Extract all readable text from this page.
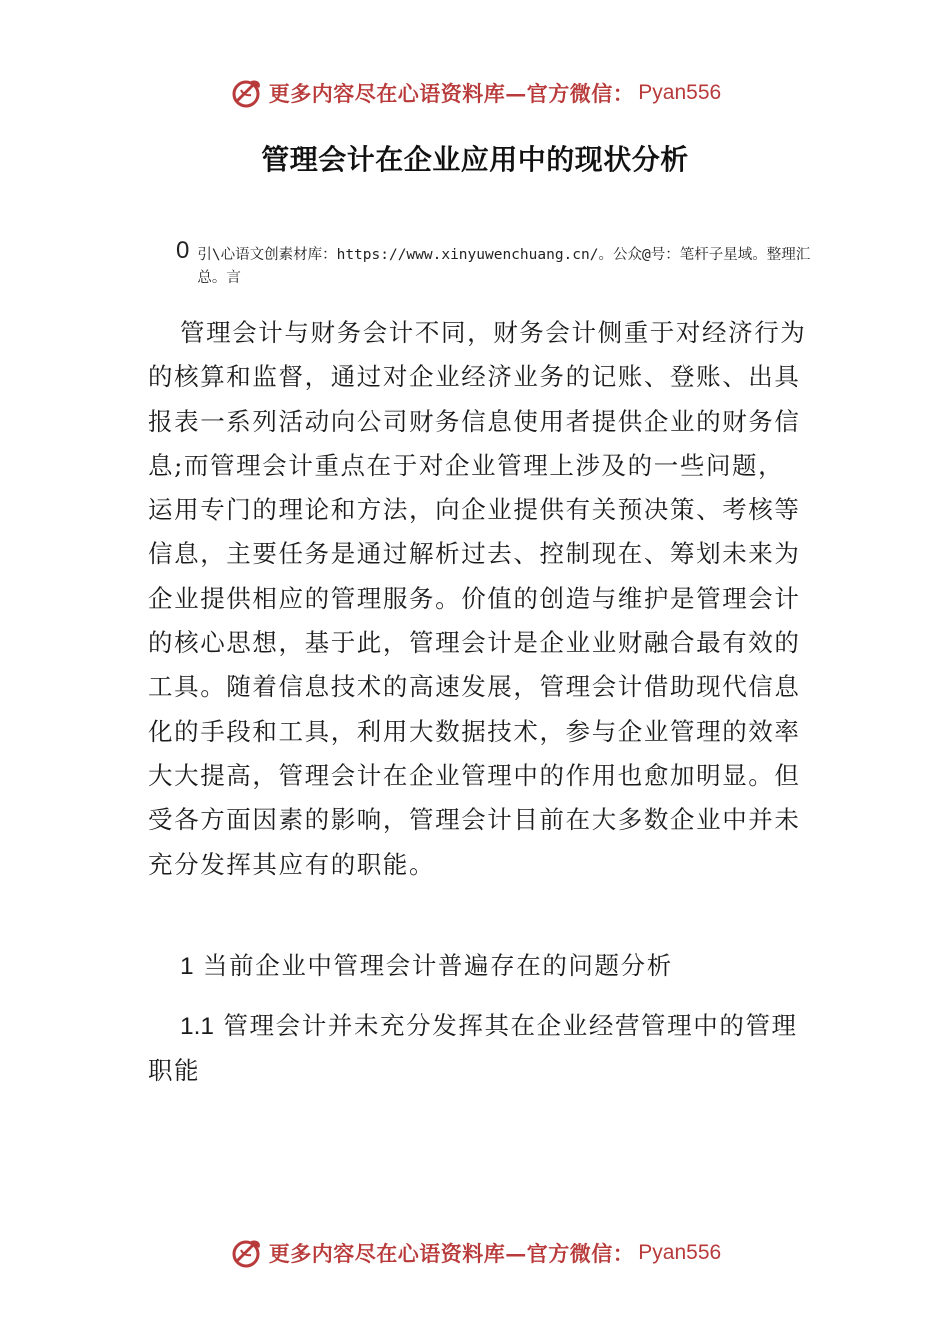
更多内容尽在心语资料库—官方微信： Pyan556
管理会计在企业应用中的现状分析
0 引\心语文创素材库：https://www.xinyuwenchuang.cn/。公众@号：笔杆子星域。整理汇总。言

管理会计与财务会计不同，财务会计侧重于对经济行为的核算和监督，通过对企业经济业务的记账、登账、出具报表一系列活动向公司财务信息使用者提供企业的财务信息;而管理会计重点在于对企业管理上涉及的一些问题，运用专门的理论和方法，向企业提供有关预决策、考核等信息，主要任务是通过解析过去、控制现在、筹划未来为企业提供相应的管理服务。价值的创造与维护是管理会计的核心思想，基于此，管理会计是企业业财融合最有效的工具。随着信息技术的高速发展，管理会计借助现代信息化的手段和工具，利用大数据技术，参与企业管理的效率大大提高，管理会计在企业管理中的作用也愈加明显。但受各方面因素的影响，管理会计目前在大多数企业中并未充分发挥其应有的职能。

1 当前企业中管理会计普遍存在的问题分析

1.1 管理会计并未充分发挥其在企业经营管理中的管理职能

更多内容尽在心语资料库—官方微信： Pyan556
